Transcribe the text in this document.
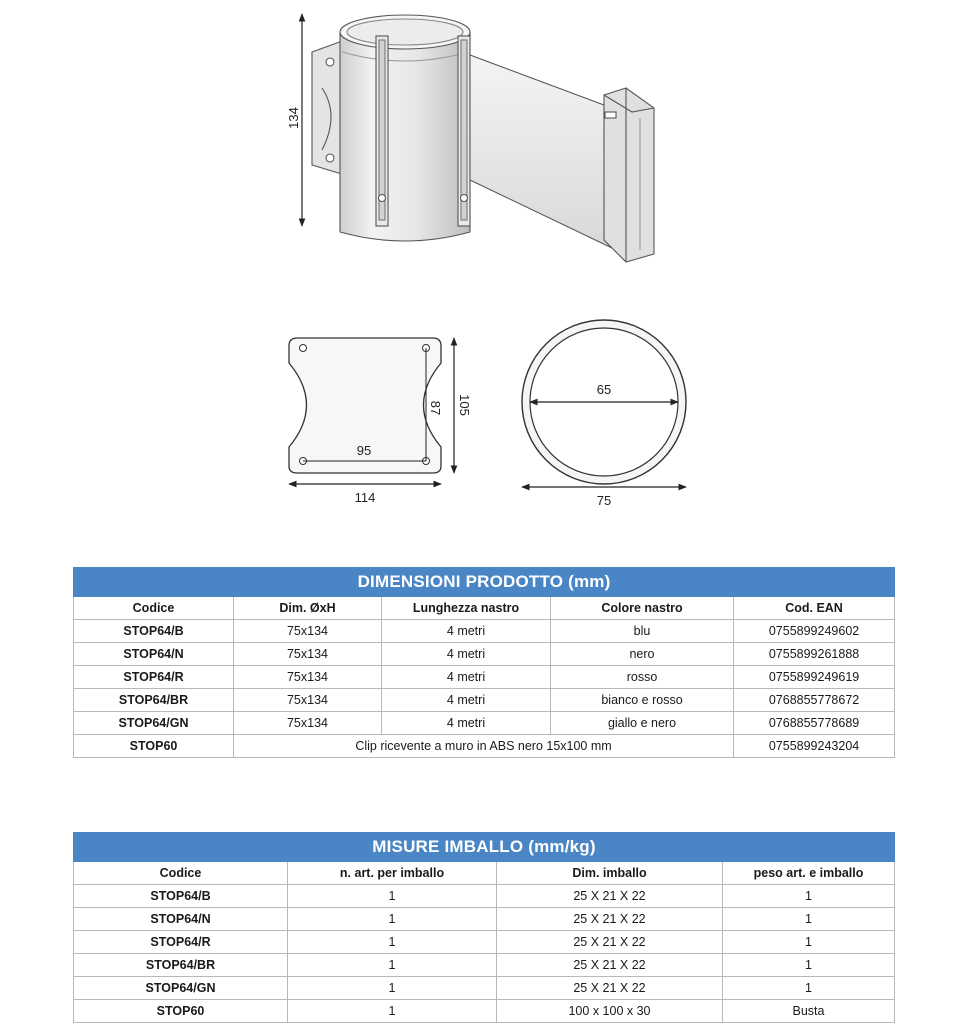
134
95
87 105
114
65
75
DIMENSIONI PRODOTTO (mm)				
Codice	Dim. ØxH	Lunghezza nastro	Colore nastro	Cod. EAN
STOP64/B	75x134	4 metri	blu	0755899249602
STOP64/N	75x134	4 metri	nero	0755899261888
STOP64/R	75x134	4 metri	rosso	0755899249619
STOP64/BR	75x134	4 metri	bianco e rosso	0768855778672
STOP64/GN	75x134	4 metri	giallo e nero	0768855778689
STOP60	Clip ricevente a muro in ABS nero 15x100 mm			0755899243204
MISURE IMBALLO (mm/kg)			
Codice	n. art. per imballo	Dim. imballo	peso art. e imballo
STOP64/B	1	25 X 21 X 22	1
STOP64/N	1	25 X 21 X 22	1
STOP64/R	1	25 X 21 X 22	1
STOP64/BR	1	25 X 21 X 22	1
STOP64/GN	1	25 X 21 X 22	1
STOP60	1	100 x 100 x 30	Busta
